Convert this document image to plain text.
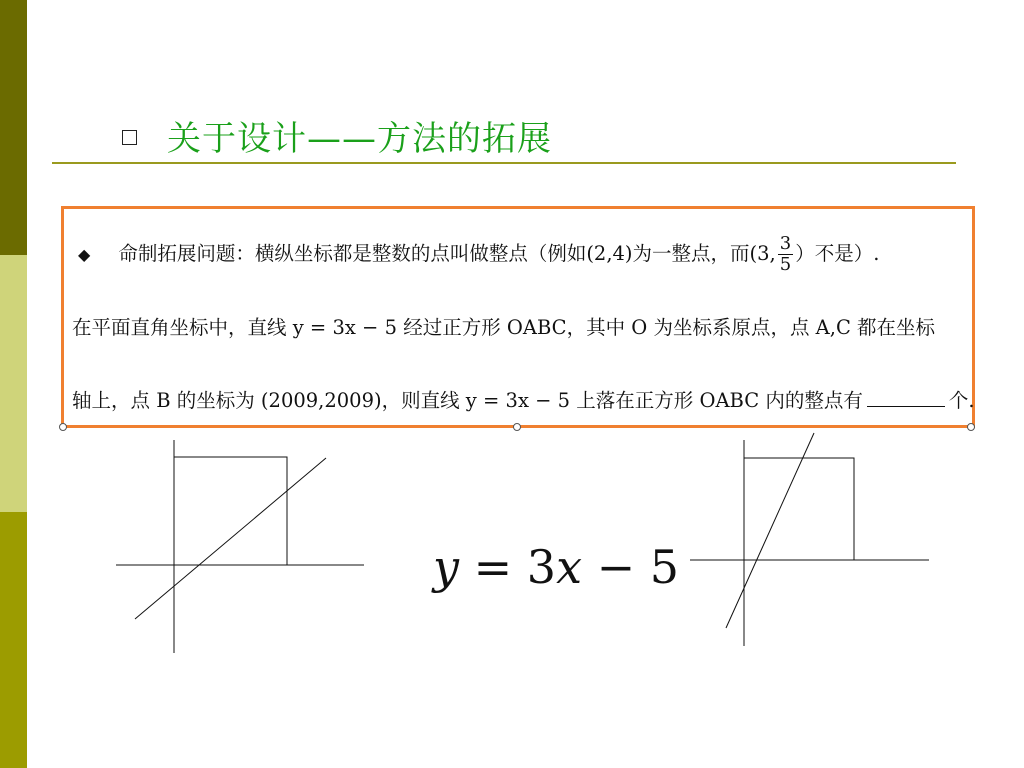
关于设计——方法的拓展
◆ 命制拓展问题：横纵坐标都是整数的点叫做整点（例如(2,4)为一整点，而(3, $\frac{3}{5}$ ）不是）.
在平面直角坐标中，直线 y = 3x − 5 经过正方形 OABC，其中 O 为坐标系原点，点 A,C 都在坐标
轴上，点 B 的坐标为 (2009,2009)，则直线 y = 3x − 5 上落在正方形 OABC 内的整点有	个.
y = 3x − 5
